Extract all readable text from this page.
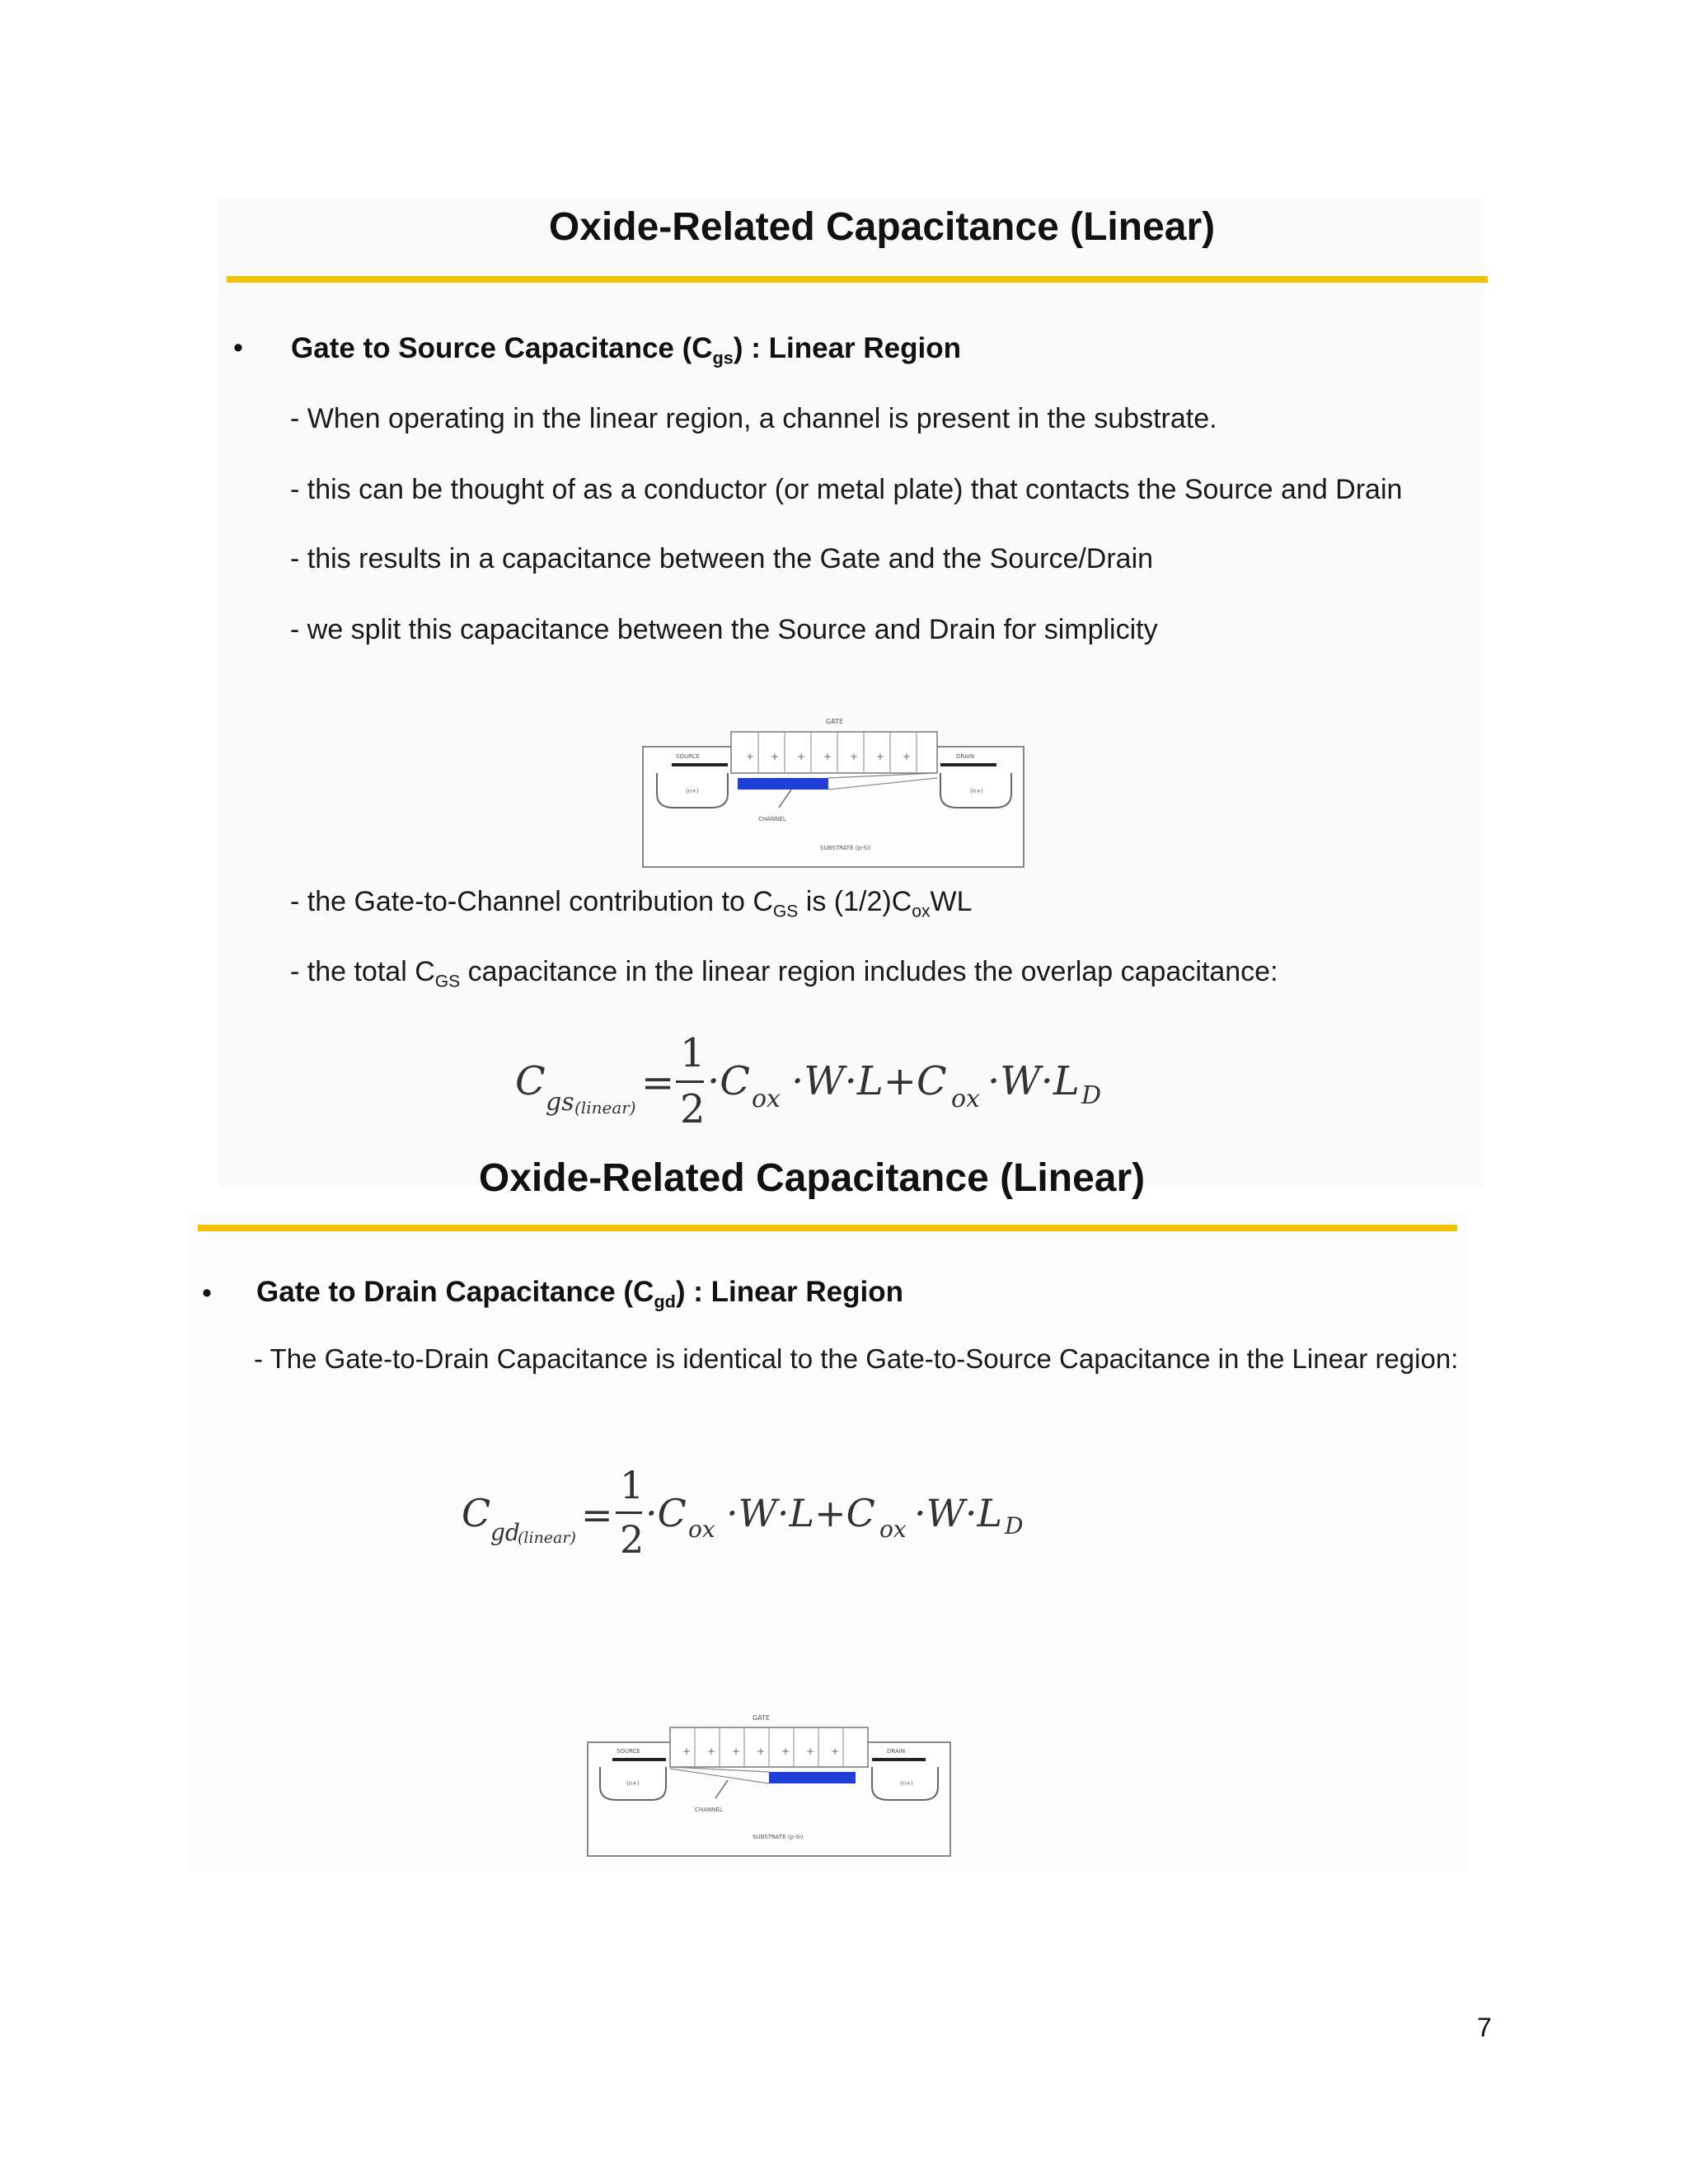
Oxide-Related Capacitance (Linear)
• Gate to Source Capacitance $(C_{gs})$ : Linear Region
- When operating in the linear region, a channel is present in the substrate.
- this can be thought of as a conductor (or metal plate) that contacts the Source and Drain
- this results in a capacitance between the Gate and the Source/Drain
- we split this capacitance between the Source and Drain for simplicity
+ + + + + + +
GATE
SOURCE	DRAIN
(n+)	(n+)
CHANNEL
SUBSTRATE (p-Si)
- the Gate-to-Channel contribution to $C_{GS}$ is $(1/2)C_{ox}WL$
- the total $C_{GS}$ capacitance in the linear region includes the overlap capacitance:
C gs (linear)
=
1
2
·C ox ·W·L+C ox ·W·L D
Oxide-Related Capacitance (Linear)
• Gate to Drain Capacitance $(C_{gd})$ : Linear Region
- The Gate-to-Drain Capacitance is identical to the Gate-to-Source Capacitance in the Linear region:
C gd
(linear)
=
1
2
·C ox ·W·L+C ox ·W·L D
+ + + + + + +
GATE
SOURCE	DRAIN
(n+)	(n+)
CHANNEL
SUBSTRATE (p-Si)
7
